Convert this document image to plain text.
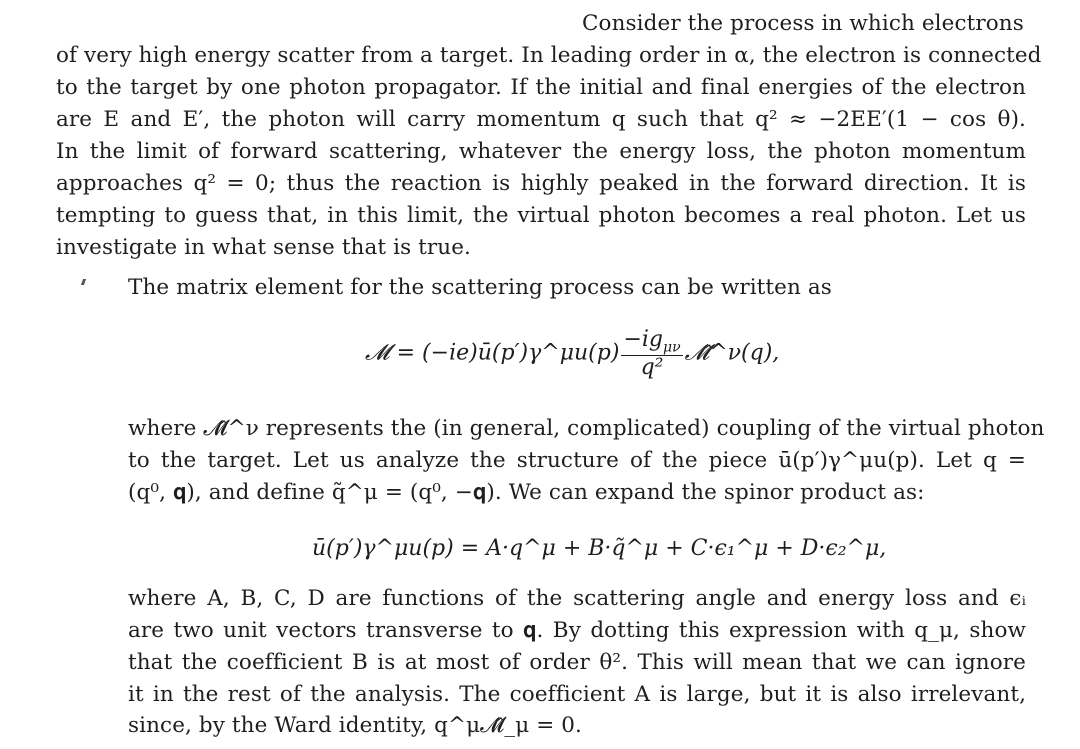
Consider the process in which electrons
of very high energy scatter from a target. In leading order in α, the electron is connected
to the target by one photon propagator. If the initial and final energies of the electron
are E and E′, the photon will carry momentum q such that q² ≈ −2EE′(1 − cos θ).
In the limit of forward scattering, whatever the energy loss, the photon momentum
approaches q² = 0; thus the reaction is highly peaked in the forward direction. It is
tempting to guess that, in this limit, the virtual photon becomes a real photon. Let us
investigate in what sense that is true.
The matrix element for the scattering process can be written as
𝓜 = (−ie)ū(p′)γ^μu(p) $\frac{-ig_{\mu\nu}}{\text{q²}}$ 𝓜̂^ν(q),
where 𝓜̂^ν represents the (in general, complicated) coupling of the virtual photon
to the target. Let us analyze the structure of the piece ū(p′)γ^μu(p). Let q =
(q⁰, 𝐪), and define q̃^μ = (q⁰, −𝐪). We can expand the spinor product as:
ū(p′)γ^μu(p) = A·q^μ + B·q̃^μ + C·ϵ₁^μ + D·ϵ₂^μ,
where A, B, C, D are functions of the scattering angle and energy loss and ϵᵢ
are two unit vectors transverse to 𝐪. By dotting this expression with q_μ, show
that the coefficient B is at most of order θ². This will mean that we can ignore
it in the rest of the analysis. The coefficient A is large, but it is also irrelevant,
since, by the Ward identity, q^μ𝓜̂_μ = 0.
